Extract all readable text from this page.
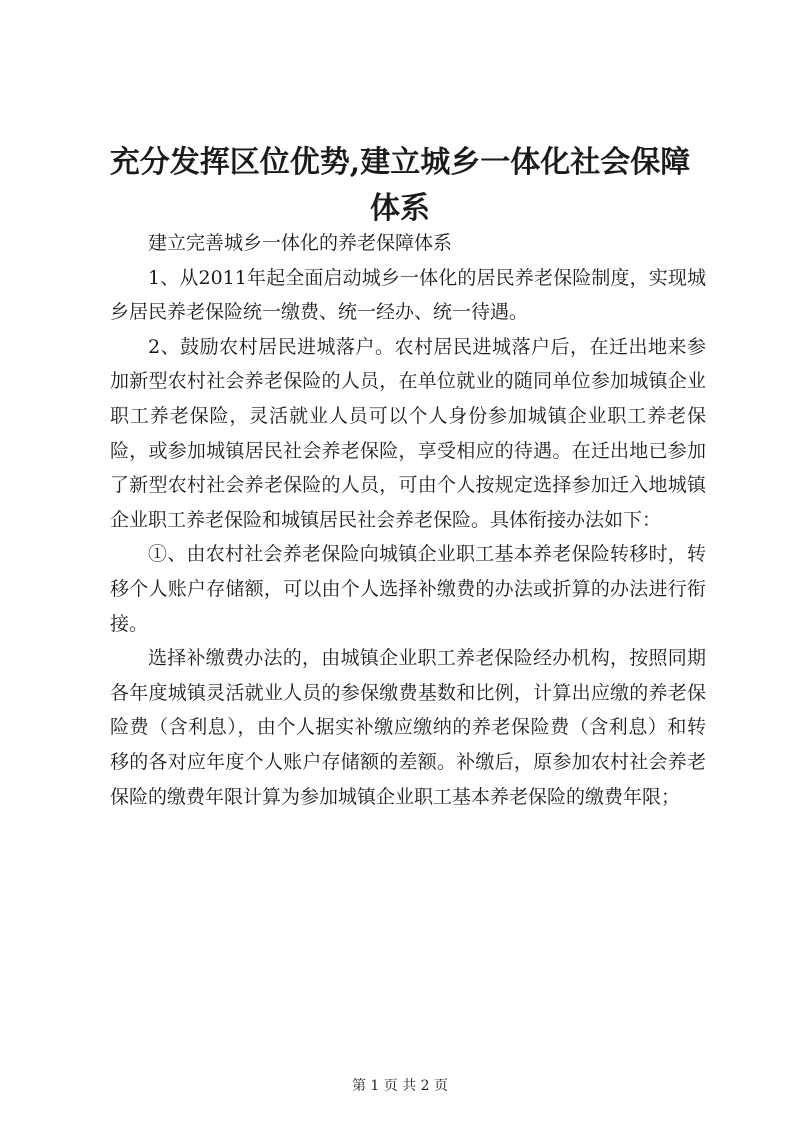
充分发挥区位优势,建立城乡一体化社会保障体系

建立完善城乡一体化的养老保障体系

1、从2011年起全面启动城乡一体化的居民养老保险制度，实现城乡居民养老保险统一缴费、统一经办、统一待遇。

2、鼓励农村居民进城落户。农村居民进城落户后，在迁出地来参加新型农村社会养老保险的人员，在单位就业的随同单位参加城镇企业职工养老保险，灵活就业人员可以个人身份参加城镇企业职工养老保险，或参加城镇居民社会养老保险，享受相应的待遇。在迁出地已参加了新型农村社会养老保险的人员，可由个人按规定选择参加迁入地城镇企业职工养老保险和城镇居民社会养老保险。具体衔接办法如下：

①、由农村社会养老保险向城镇企业职工基本养老保险转移时，转移个人账户存储额，可以由个人选择补缴费的办法或折算的办法进行衔接。

选择补缴费办法的，由城镇企业职工养老保险经办机构，按照同期各年度城镇灵活就业人员的参保缴费基数和比例，计算出应缴的养老保险费（含利息），由个人据实补缴应缴纳的养老保险费（含利息）和转移的各对应年度个人账户存储额的差额。补缴后，原参加农村社会养老保险的缴费年限计算为参加城镇企业职工基本养老保险的缴费年限；

第 1 页 共 2 页
